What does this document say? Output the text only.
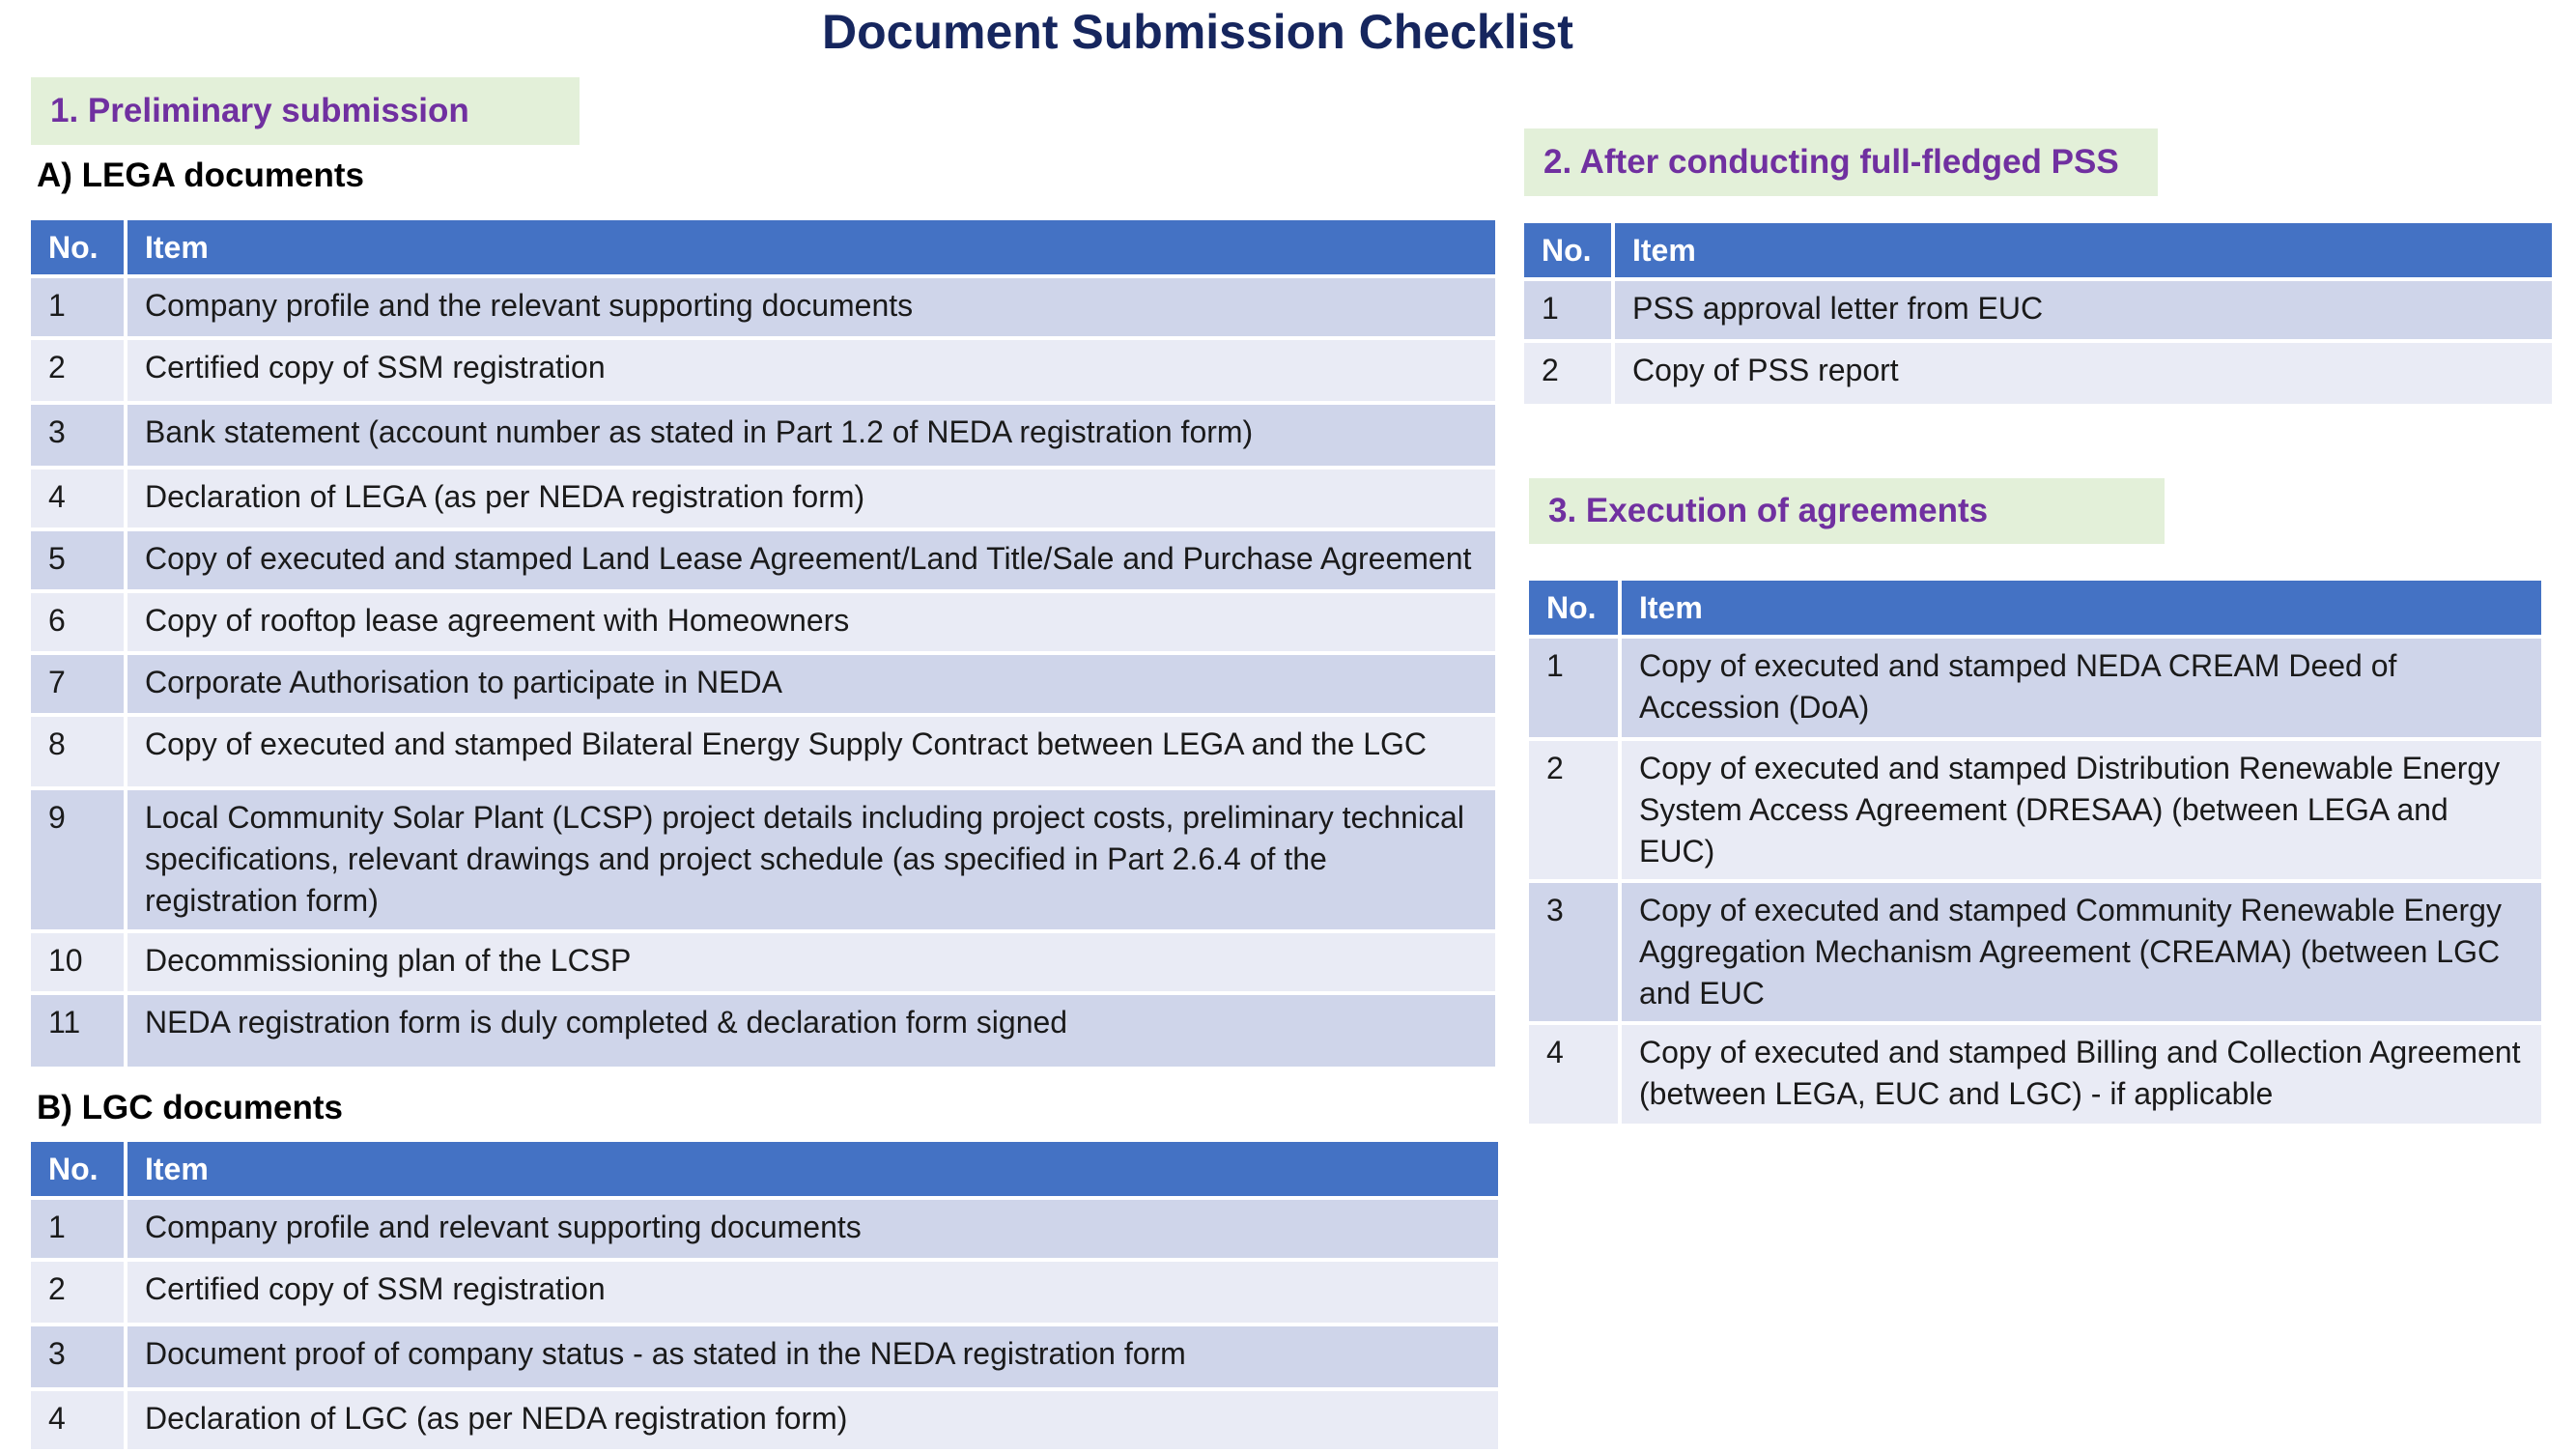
Document Submission Checklist
1. Preliminary submission
A) LEGA documents
No.	Item
1	Company profile and the relevant supporting documents
2	Certified copy of SSM registration
3	Bank statement (account number as stated in Part 1.2 of NEDA registration form)
4	Declaration of LEGA (as per NEDA registration form)
5	Copy of executed and stamped Land Lease Agreement/Land Title/Sale and Purchase Agreement
6	Copy of rooftop lease agreement with Homeowners
7	Corporate Authorisation to participate in NEDA
8	Copy of executed and stamped Bilateral Energy Supply Contract between LEGA and the LGC
9	Local Community Solar Plant (LCSP) project details including project costs, preliminary technical specifications, relevant drawings and project schedule (as specified in Part 2.6.4 of the registration form)
10	Decommissioning plan of the LCSP
11	NEDA registration form is duly completed & declaration form signed
B) LGC documents
No.	Item
1	Company profile and relevant supporting documents
2	Certified copy of SSM registration
3	Document proof of company status - as stated in the NEDA registration form
4	Declaration of LGC (as per NEDA registration form)
2. After conducting full-fledged PSS
No.	Item
1	PSS approval letter from EUC
2	Copy of PSS report
3. Execution of agreements
No.	Item
1	Copy of executed and stamped NEDA CREAM Deed of Accession (DoA)
2	Copy of executed and stamped Distribution Renewable Energy System Access Agreement (DRESAA) (between LEGA and EUC)
3	Copy of executed and stamped Community Renewable Energy Aggregation Mechanism Agreement (CREAMA) (between LGC and EUC
4	Copy of executed and stamped Billing and Collection Agreement (between LEGA, EUC and LGC) - if applicable
